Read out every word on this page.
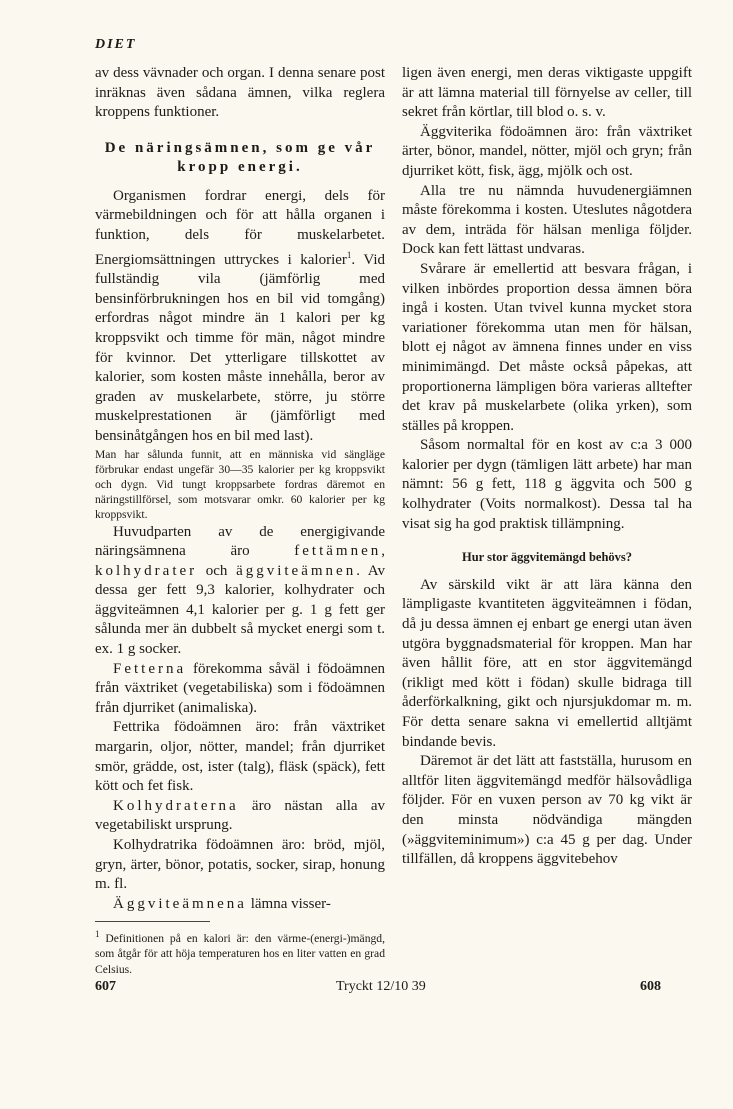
DIET

av dess vävnader och organ. I denna senare post inräknas även sådana ämnen, vilka reglera kroppens funktioner.

De näringsämnen, som ge vår kropp energi.

Organismen fordrar energi, dels för värmebildningen och för att hålla organen i funktion, dels för muskelarbetet. Energiomsättningen uttryckes i kalorier$^1$. Vid fullständig vila (jämförlig med bensinförbrukningen hos en bil vid tomgång) erfordras något mindre än 1 kalori per kg kroppsvikt och timme för män, något mindre för kvinnor. Det ytterligare tillskottet av kalorier, som kosten måste innehålla, beror av graden av muskelarbete, större, ju större muskelprestationen är (jämförligt med bensinåtgången hos en bil med last).

Man har sålunda funnit, att en människa vid sängläge förbrukar endast ungefär 30—35 kalorier per kg kroppsvikt och dygn. Vid tungt kroppsarbete fordras däremot en näringstillförsel, som motsvarar omkr. 60 kalorier per kg kroppsvikt.

Huvudparten av de energigivande näringsämnena äro fettämnen, kolhydrater och äggviteämnen. Av dessa ger fett 9,3 kalorier, kolhydrater och äggviteämnen 4,1 kalorier per g. 1 g fett ger sålunda mer än dubbelt så mycket energi som t. ex. 1 g socker.

Fetterna förekomma såväl i födoämnen från växtriket (vegetabiliska) som i födoämnen från djurriket (animaliska).

Fettrika födoämnen äro: från växtriket margarin, oljor, nötter, mandel; från djurriket smör, grädde, ost, ister (talg), fläsk (späck), fett kött och fet fisk.

Kolhydraterna äro nästan alla av vegetabiliskt ursprung.

Kolhydratrika födoämnen äro: bröd, mjöl, gryn, ärter, bönor, potatis, socker, sirap, honung m. fl.

Äggviteämnena lämna visser-

ligen även energi, men deras viktigaste uppgift är att lämna material till förnyelse av celler, till sekret från körtlar, till blod o. s. v.

Äggviterika födoämnen äro: från växtriket ärter, bönor, mandel, nötter, mjöl och gryn; från djurriket kött, fisk, ägg, mjölk och ost.

Alla tre nu nämnda huvudenergiämnen måste förekomma i kosten. Uteslutes någotdera av dem, inträda för hälsan menliga följder. Dock kan fett lättast undvaras.

Svårare är emellertid att besvara frågan, i vilken inbördes proportion dessa ämnen böra ingå i kosten. Utan tvivel kunna mycket stora variationer förekomma utan men för hälsan, blott ej något av ämnena finnes under en viss minimimängd. Det måste också påpekas, att proportionerna lämpligen böra varieras alltefter det krav på muskelarbete (olika yrken), som ställes på kroppen.

Såsom normaltal för en kost av c:a 3 000 kalorier per dygn (tämligen lätt arbete) har man nämnt: 56 g fett, 118 g äggvita och 500 g kolhydrater (Voits normalkost). Dessa tal ha visat sig ha god praktisk tillämpning.

Hur stor äggvitemängd behövs?

Av särskild vikt är att lära känna den lämpligaste kvantiteten äggviteämnen i födan, då ju dessa ämnen ej enbart ge energi utan även utgöra byggnadsmaterial för kroppen. Man har även hållit före, att en stor äggvitemängd (rikligt med kött i födan) skulle bidraga till åderförkalkning, gikt och njursjukdomar m. m. För detta senare sakna vi emellertid alltjämt bindande bevis.

Däremot är det lätt att fastställa, hurusom en alltför liten äggvitemängd medför hälsovådliga följder. För en vuxen person av 70 kg vikt är den minsta nödvändiga mängden (»äggviteminimum») c:a 45 g per dag. Under tillfällen, då kroppens äggvitebehov

$^1$ Definitionen på en kalori är: den värme-(energi-)mängd, som åtgår för att höja temperaturen hos en liter vatten en grad Celsius.
607	Tryckt 12/10 39	608
